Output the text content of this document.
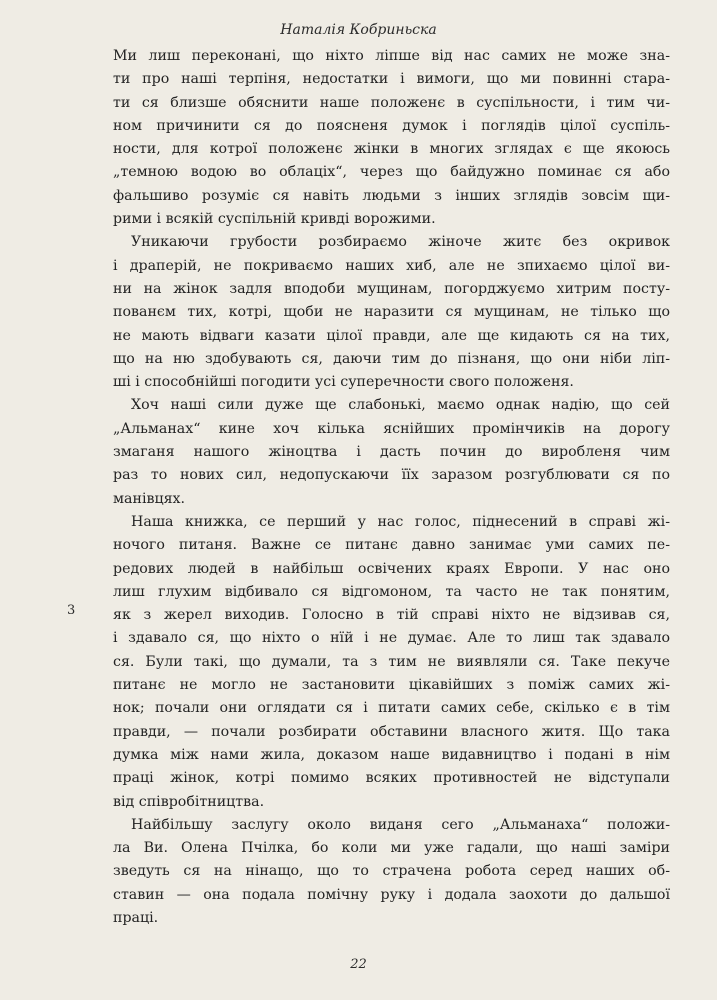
Наталія Кобриньска
3
Ми лиш переконані, що ніхто ліпше від нас самих не може зна-
ти про наші терпіня, недостатки і вимоги, що ми повинні старa-
ти ся близше обяснити наше положенє в суспільности, і тим чи-
ном причинити ся до поясненя думок і поглядів цілої суспіль-
ности, для котрої положенє жінки в многих зглядах є ще якоюсь
„темною водою во облаціх“, через що байдужно поминає ся або
фальшиво розуміє ся навіть людьми з інших зглядів зовсім щи-
рими і всякій суспільній кривді ворожими.
Уникаючи грубости розбираємо жіноче житє без окривок
і драперій, не покриваємо наших хиб, але не зпихаємо цілої ви-
ни на жінок задля вподоби мущинам, погорджуємо хитрим посту-
пованєм тих, котрі, щоби не наразити ся мущинам, не тілько що
не мають відваги казати цілої правди, але ще кидають ся на тих,
що на ню здобувають ся, даючи тим до пізнаня, що они ніби ліп-
ші і способнійші погодити усі суперечности свого положеня.
Хоч наші сили дуже ще слабонькі, маємо однак надію, що сей
„Альманах“ кине хоч кілька яснійших промінчиків на дорогу
змаганя нашого жіноцтва і дасть почин до виробленя чим
раз то нових сил, недопускаючи їїх заразом розгублювати ся по
манівцях.
Наша книжка, се перший у нас голос, піднесений в справі жі-
ночого питаня. Важне се питанє давно занимає уми самих пе-
редових людей в найбільш освічених краях Европи. У нас оно
лиш глухим відбивало ся відгомоном, та часто не так понятим,
як з жерел виходив. Голосно в тій справі ніхто не відзивав ся,
і здавало ся, що ніхто о нїй і не думає. Але то лиш так здавало
ся. Були такі, що думали, та з тим не виявляли ся. Таке пекуче
питанє не могло не застановити цікавійших з поміж самих жі-
нок; почали они оглядати ся і питати самих себе, скілько є в тім
правди, — почали розбирати обставини власного житя. Що така
думка між нами жила, доказом наше видавництво і подані в нім
праці жінок, котрі помимо всяких противностей не відступали
від співробітництва.
Найбільшу заслугу около виданя сего „Альманаха“ положи-
ла Ви. Олена Пчілка, бо коли ми уже гадали, що наші заміри
зведуть ся на нінащо, що то страчена робота серед наших об-
ставин — она подала помічну руку і додала заохоти до дальшої
праці.
22
